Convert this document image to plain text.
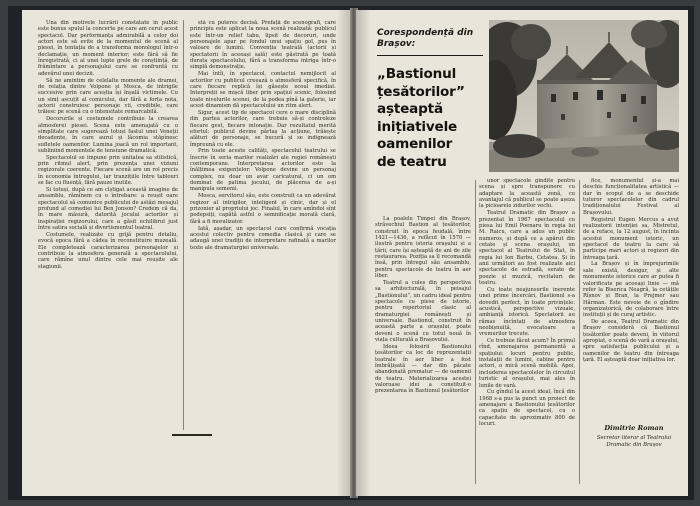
Una din motivele lucrării constatate în public este bonus spulul la concerte pe care am cerut acest spectacol. Dar performanța admirabilă a celor doi actori este să evite de la momentul de scenă al piesei, în tentația de a transforma monologul într-o declamație, un moment interior; este fără să fie înregistrată, ci al unei lupte grele de conștiință, de frămîntare a personajului care se confruntă cu adevărul unei decizii.

Să ne amintim de celelalte momente ale dramei, de relația dintre Volpone și Mosca, de intrigile succesive prin care aceștia își înșală victimele. Cu un simț ascuțit al comicului, dar fără a forța nota, actorii construiesc personaje vii, credibile, care trăiesc pe scenă cu o intensitate remarcabilă.

Decorurile și costumele contribuie la crearea atmosferei piesei. Scena este amenajată cu o simplitate care sugerează totuși fastul unei Veneții decadente, în care aurul și lăcomia stăpînesc sufletele oamenilor. Lumina joacă un rol important, subliniind momentele de tensiune dramatică.

Spectacolul se impune prin unitatea sa stilistică, prin ritmul alert, prin prezența unei viziuni regizorale coerente. Fiecare scenă are un rol precis în economia întregului, iar tranzițiile între tablouri se fac cu fluență, fără pauze inutile.

Si totuși, după ce am cîștigat această imagine de ansamblu, rămînem cu o întrebare: a reușit oare spectacolul să comunice publicului de astăzi mesajul profund al comediei lui Ben Jonson? Credem că da, în mare măsură, datorită jocului actorilor și inspirației regizorului, care a găsit echilibrul just între satira socială și divertismentul teatral.

Costumele, realizate cu grijă pentru detaliu, evocă epoca fără a cădea în reconstituire muzeală. Ele completează caracterizarea personajelor și contribuie la atmosfera generală a spectacolului, care rămîne unul dintre cele mai reușite ale stagiunii.

stă cu puteres decisă. Prefață de scenografi, care principiu este aplicat la noua scenă realizată: publicul este într-un relief tabu, lipsit de decoruri, unde personajele apar pe fondul unui spațiu gol, pus în valoare de lumini. Convenția teatrală (actorii și spectatorii în aceeași sală) este păstrată pe toată durata spectacolului, fără a transforma intriga într-o simplă demonstrație.

Mai întîi, în spectacol, contactul nemijlocit al actorilor cu publicul creează o atmosferă specifică, în care fiecare replică își găsește ecoul imediat. Interpreții se mișcă liber prin spațiul scenic, folosind toate nivelurile scenei, de la podea pînă la galerie, iar acest dinamism dă spectacolului un ritm alert.

Sigur, acest tip de spectacol cere o mare disciplină din partea actorilor, care trebuie să-și controleze fiecare gest, fiecare intonație. Dar rezultatul merită efortul: publicul devine părtaș la acțiune, trăiește alături de personaje, se bucură și se indignează împreună cu ele.

Prin toate aceste calități, spectacolul teatrului se înscrie în seria marilor realizări ale regiei românești contemporane. Interpretarea actorilor este la înălțimea exigențelor: Volpone devine un personaj complex, nu doar un avar caricatural, ci un om dominat de patima jocului, de plăcerea de a-și manipula semenii.

Mosca, servitorul său, este construit ca un adevărat regizor al intrigilor, inteligent și cinic, dar și el prizonier al propriului joc. Finalul, în care amîndoi sînt pedepsiți, capătă astfel o semnificație morală clară, fără a fi moralizator.

Iată, așadar, un spectacol care confirmă vocația acestui colectiv pentru comedia clasică și care se adaugă unei tradiții de interpretare rafinată a marilor texte ale dramaturgiei universale.

Corespondență din Brașov:
„Bastionul
țesătorilor”
așteaptă
inițiativele
oamenilor
de teatru

La poalele Tîmpei din Brașov, străvechiul Bastion al țesătorilor, construit în epoca feudală, între 1421—1436, a refăcut în 1570 — ilustră pentru istoria orașului și a țării, care își așteaptă de ani de zile restaurarea. Poziția sa îl recomandă însă, prin întregul său ansamblu, pentru spectacole de teatru în aer liber.

Teatrul a cules din perspectiva sa arhitecturală, în peisajul „Bastionului”, un cadru ideal pentru spectacole cu piese de istorie, pentru repertoriul clasic al dramaturgiei românești și universale. Bastionul, construit în această parte a orașului, poate deveni o scenă cu totul nouă în viața culturală a Brașovului.

Ideea folosirii Bastionului țesătorilor ca loc de reprezentații teatrale în aer liber a fost îmbrățișată — dar din păcate abandonată prematur — de oamenii de teatru. Materializarea acestei valoroase idei a constituit-o prezentarea în Bastionul țesătorilor

unor spectacole gîndite pentru scena și spre transpunere cu adaptare la această zonă, cu avantajul că publicul se poate așeza la picioarele zidurilor vechi.

Teatrul Dramatic din Brașov a prezentat în 1967 spectacolul cu piesa lui Emil Poenaru în regia lui M. Raicu, care a adus un public numeros, și după ce a apărut din cetate și scena orașului, un spectacol al Teatrului de Stat, în regia lui Ion Barbu, Cetatea. Și în anii următori au fost realizate aici spectacole de estradă, serate de poezie și muzică, recitaluri de teatru.

Cu toate neajunsurile inerente unei prime încercări, Bastionul s-a dovedit perfect, în toate privințele: acustică, perspective vizuale, ambianță istorică. Spectatorii au rămas încîntați de atmosfera neobișnuită, evocatoare a vremurilor trecute.

Ce trebuie făcut acum? În primul rînd, amenajarea permanentă a spațiului: locuri pentru public, instalații de lumini, cabine pentru actori, o mică scenă mobilă. Apoi, includerea spectacolelor în circuitul turistic al orașului, mai ales în lunile de vară.

Cu gîndul la acest ideal, încă din 1968 s-a pus la punct un proiect de amenajare a Bastionului țesătorilor ca spațiu de spectacol, cu o capacitate de aproximativ 800 de locuri.

fice, monumentul și-a mai deschis funcționalitatea artistică — dar în scopul de a se deschide tuturor spectacolelor din cadrul tradiționalului Festival al Brașovului.

Registrul Eugen Mercus a avut realizatorii intenției sa, Mistretul, de a reface, la 12 august, în incinta acestui monument istoric, un spectacol de teatru la care să participe mari actori și regizori din întreaga țară.

La Brașov și în împrejurimile sale există, desigur, și alte monumente istorice care ar putea fi valorificate pe aceeași linie — mă refer la Biserica Neagră, la cetățile Rîșnov și Bran, la Prejmer sau Hărman. Este nevoie de o gîndire organizatorică, de colaborare între instituții și de curaj artistic.

De aceea, Teatrul Dramatic din Brașov consideră că Bastionul țesătorilor poate deveni, în viitorul apropiat, o scenă de vară a orașului, spre satisfacția publicului și a oamenilor de teatru din întreaga țară. El așteaptă doar inițiativa lor.

Dimitrie Roman
Secretar literar al Teatrului Dramatic din Brașov
